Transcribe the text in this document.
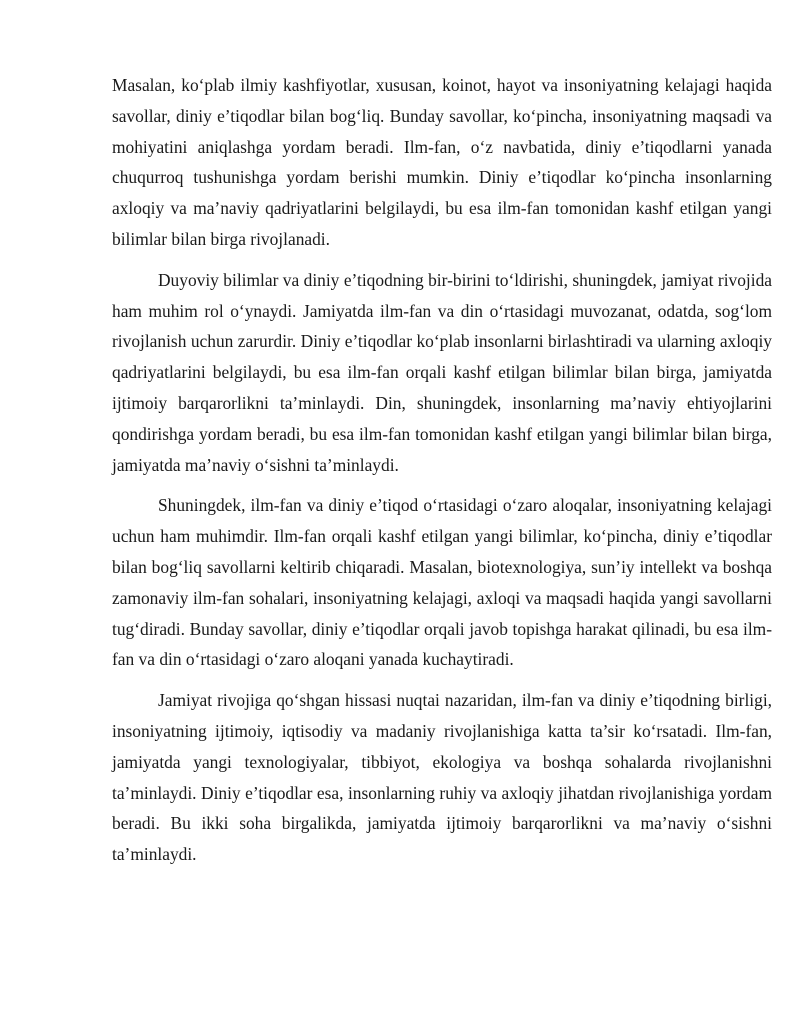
Masalan, koʻplab ilmiy kashfiyotlar, xususan, koinot, hayot va insoniyatning kelajagi haqida savollar, diniy e’tiqodlar bilan bogʻliq. Bunday savollar, koʻpincha, insoniyatning maqsadi va mohiyatini aniqlashga yordam beradi. Ilm-fan, oʻz navbatida, diniy e’tiqodlarni yanada chuqurroq tushunishga yordam berishi mumkin. Diniy e’tiqodlar koʻpincha insonlarning axloqiy va ma’naviy qadriyatlarini belgilaydi, bu esa ilm-fan tomonidan kashf etilgan yangi bilimlar bilan birga rivojlanadi.

Duyoviy bilimlar va diniy e’tiqodning bir-birini toʻldirishi, shuningdek, jamiyat rivojida ham muhim rol oʻynaydi. Jamiyatda ilm-fan va din oʻrtasidagi muvozanat, odatda, sogʻlom rivojlanish uchun zarurdir. Diniy e’tiqodlar koʻplab insonlarni birlashtiradi va ularning axloqiy qadriyatlarini belgilaydi, bu esa ilm-fan orqali kashf etilgan bilimlar bilan birga, jamiyatda ijtimoiy barqarorlikni ta’minlaydi. Din, shuningdek, insonlarning ma’naviy ehtiyojlarini qondirishga yordam beradi, bu esa ilm-fan tomonidan kashf etilgan yangi bilimlar bilan birga, jamiyatda ma’naviy oʻsishni ta’minlaydi.

Shuningdek, ilm-fan va diniy e’tiqod oʻrtasidagi oʻzaro aloqalar, insoniyatning kelajagi uchun ham muhimdir. Ilm-fan orqali kashf etilgan yangi bilimlar, koʻpincha, diniy e’tiqodlar bilan bogʻliq savollarni keltirib chiqaradi. Masalan, biotexnologiya, sun’iy intellekt va boshqa zamonaviy ilm-fan sohalari, insoniyatning kelajagi, axloqi va maqsadi haqida yangi savollarni tugʻdiradi. Bunday savollar, diniy e’tiqodlar orqali javob topishga harakat qilinadi, bu esa ilm-fan va din oʻrtasidagi oʻzaro aloqani yanada kuchaytiradi.

Jamiyat rivojiga qoʻshgan hissasi nuqtai nazaridan, ilm-fan va diniy e’tiqodning birligi, insoniyatning ijtimoiy, iqtisodiy va madaniy rivojlanishiga katta ta’sir koʻrsatadi. Ilm-fan, jamiyatda yangi texnologiyalar, tibbiyot, ekologiya va boshqa sohalarda rivojlanishni ta’minlaydi. Diniy e’tiqodlar esa, insonlarning ruhiy va axloqiy jihatdan rivojlanishiga yordam beradi. Bu ikki soha birgalikda, jamiyatda ijtimoiy barqarorlikni va ma’naviy oʻsishni ta’minlaydi.
